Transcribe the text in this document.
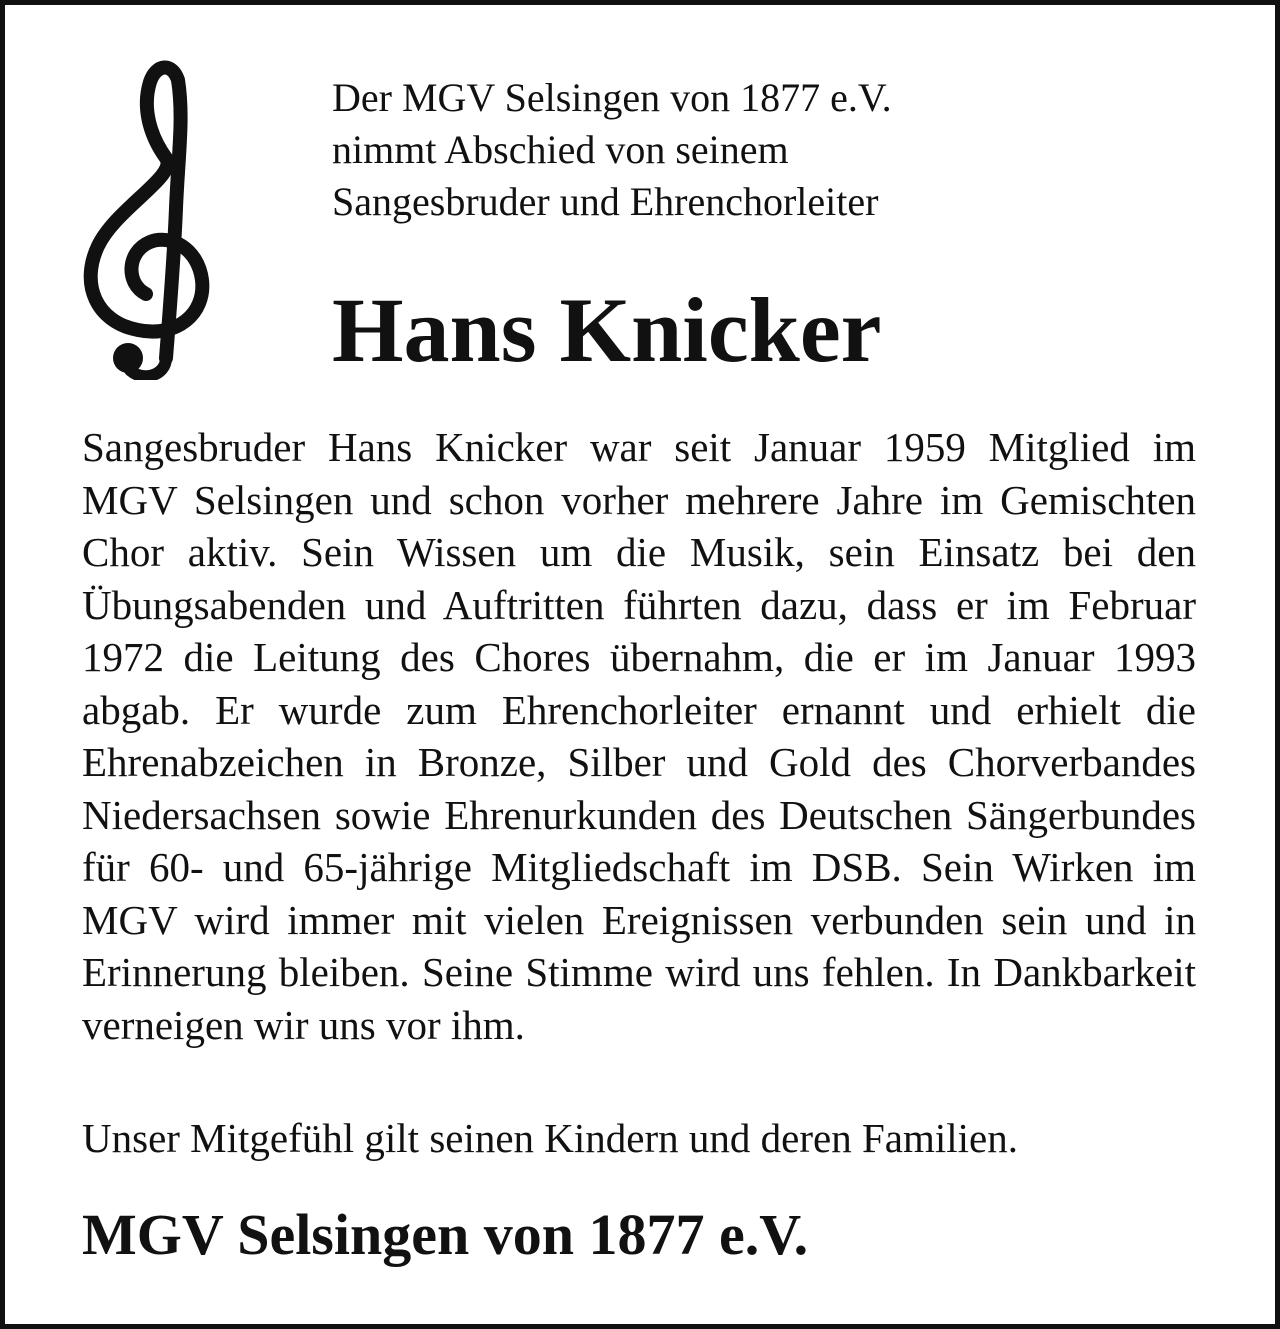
Der MGV Selsingen von 1877 e.V.
nimmt Abschied von seinem
Sangesbruder und Ehrenchorleiter
Hans Knicker

Sangesbruder Hans Knicker war seit Januar 1959 Mitglied im MGV Selsingen und schon vorher mehrere Jahre im Gemischten Chor aktiv. Sein Wissen um die Musik, sein Einsatz bei den Übungsabenden und Auftritten führten dazu, dass er im Februar 1972 die Leitung des Chores übernahm, die er im Januar 1993 abgab. Er wurde zum Ehrenchorleiter ernannt und erhielt die Ehrenabzeichen in Bronze, Silber und Gold des Chorverbandes Niedersachsen sowie Ehrenurkunden des Deutschen Sängerbundes für 60- und 65-jährige Mitgliedschaft im DSB. Sein Wirken im MGV wird immer mit vielen Ereignissen verbunden sein und in Erinnerung bleiben. Seine Stimme wird uns fehlen. In Dankbarkeit verneigen wir uns vor ihm.

Unser Mitgefühl gilt seinen Kindern und deren Familien.

MGV Selsingen von 1877 e.V.
